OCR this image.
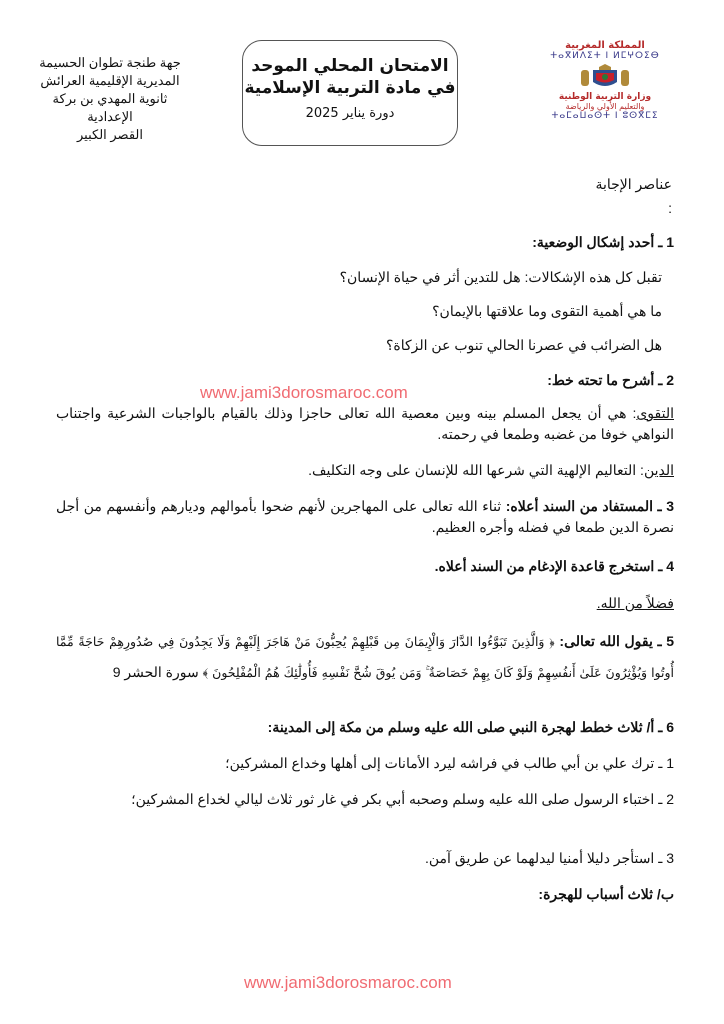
المملكة المغربية
ⵜⴰⴳⵍⴷⵉⵜ ⵏ ⵍⵎⵖⵔⵉⴱ
وزارة التربية الوطنية
والتعليم الأولي والرياضة
ⵜⴰⵎⴰⵡⴰⵙⵜ ⵏ ⵓⵙⴳⵎⵉ
الامتحان المحلي الموحد
في مادة التربية الإسلامية
دورة يناير 2025
جهة طنجة تطوان الحسيمة
المديرية الإقليمية العرائش
ثانوية المهدي بن بركة
الإعدادية
القصر الكبير
عناصر الإجابة
:
1 ـ أحدد إشكال الوضعية:
تقبل كل هذه الإشكالات: هل للتدين أثر في حياة الإنسان؟
ما هي أهمية التقوى وما علاقتها بالإيمان؟
هل الضرائب في عصرنا الحالي تنوب عن الزكاة؟
2 ـ أشرح ما تحته خط:
www.jami3dorosmaroc.com
التقوى: هي أن يجعل المسلم بينه وبين معصية الله تعالى حاجزا وذلك بالقيام بالواجبات الشرعية واجتناب النواهي خوفا من غضبه وطمعا في رحمته.
الدين: التعاليم الإلهية التي شرعها الله للإنسان على وجه التكليف.
3 ـ المستفاد من السند أعلاه: ثناء الله تعالى على المهاجرين لأنهم ضحوا بأموالهم وديارهم وأنفسهم من أجل نصرة الدين طمعا في فضله وأجره العظيم.
4 ـ استخرج قاعدة الإدغام من السند أعلاه.
فضلاً من الله.
5 ـ يقول الله تعالى: ﴿ وَالَّذِينَ تَبَوَّءُوا الدَّارَ وَالْإِيمَانَ مِن قَبْلِهِمْ يُحِبُّونَ مَنْ هَاجَرَ إِلَيْهِمْ وَلَا يَجِدُونَ فِي صُدُورِهِمْ حَاجَةً مِّمَّا أُوتُوا وَيُؤْثِرُونَ عَلَىٰ أَنفُسِهِمْ وَلَوْ كَانَ بِهِمْ خَصَاصَةٌ ۚ وَمَن يُوقَ شُحَّ نَفْسِهِ فَأُولَٰئِكَ هُمُ الْمُفْلِحُونَ ﴾ سورة الحشر 9
6 ـ أ/ ثلاث خطط لهجرة النبي صلى الله عليه وسلم من مكة إلى المدينة:
1 ـ ترك علي بن أبي طالب في فراشه ليرد الأمانات إلى أهلها وخداع المشركين؛
2 ـ اختباء الرسول صلى الله عليه وسلم وصحبه أبي بكر في غار ثور ثلاث ليالي لخداع المشركين؛
3 ـ استأجر دليلا أمنيا ليدلهما عن طريق آمن.
ب/ ثلاث أسباب للهجرة:
www.jami3dorosmaroc.com
